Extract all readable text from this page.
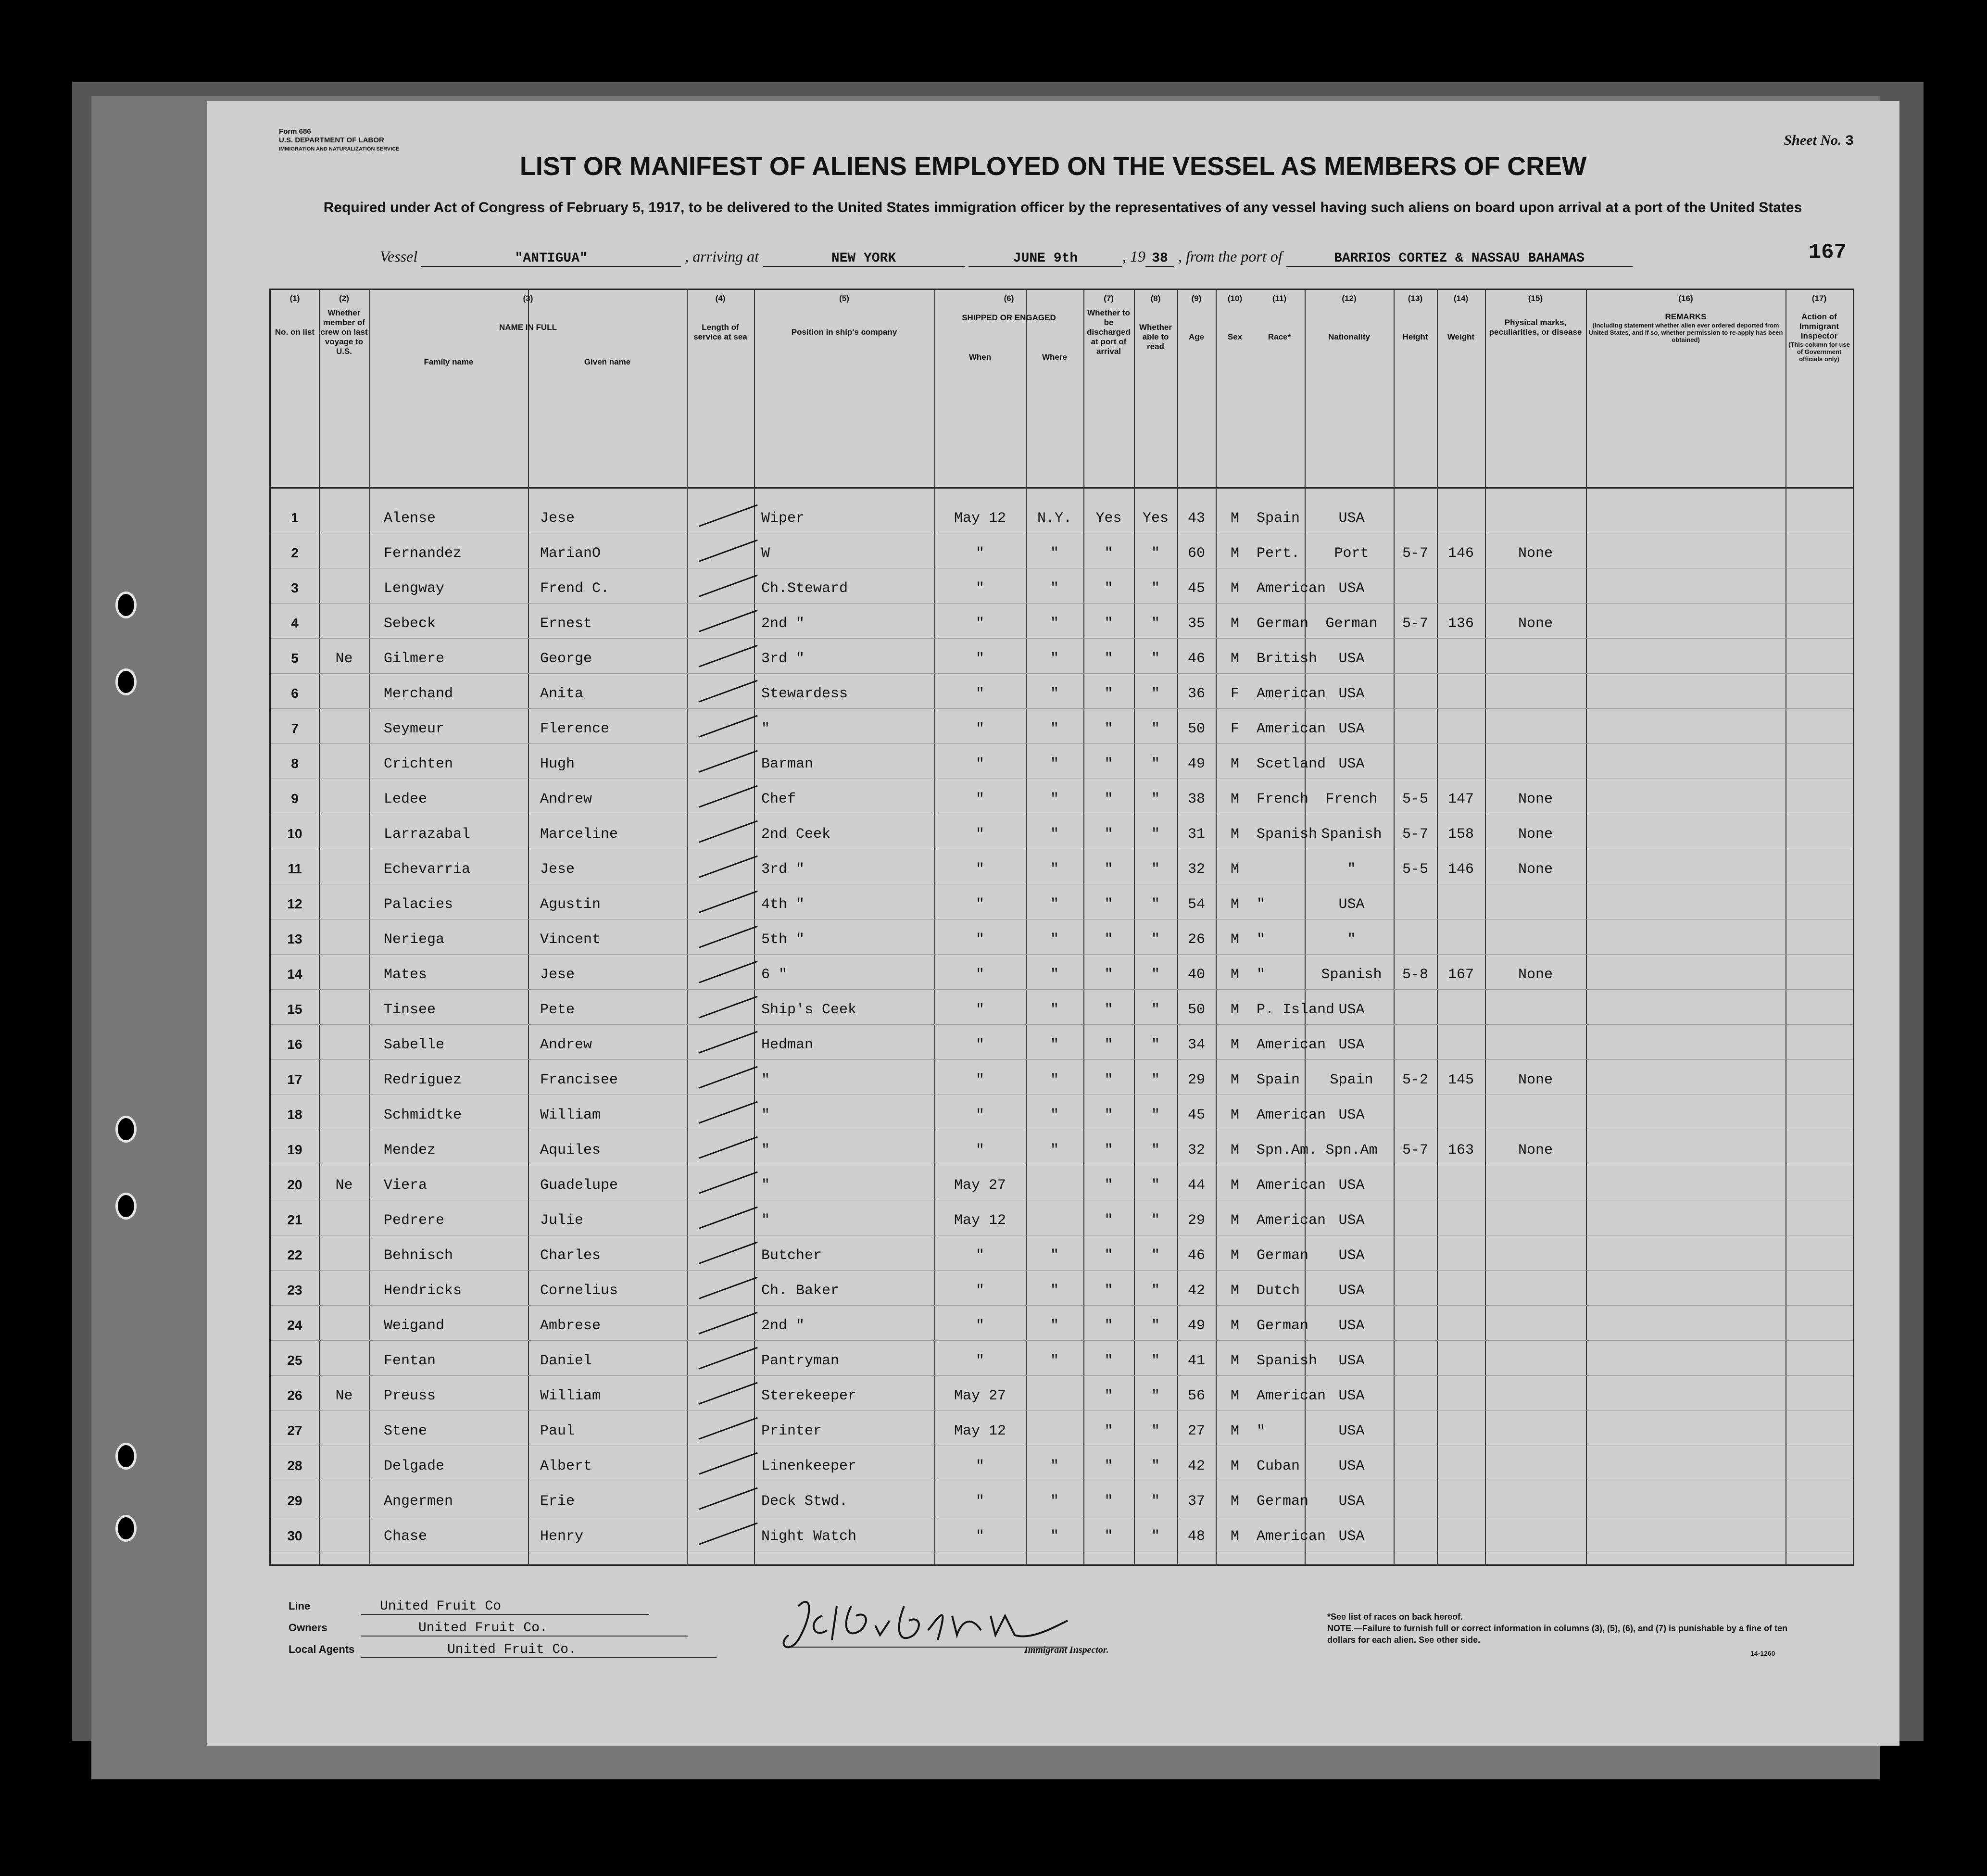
Form 686
U.S. DEPARTMENT OF LABOR
IMMIGRATION AND NATURALIZATION SERVICE
Sheet No. 3
LIST OR MANIFEST OF ALIENS EMPLOYED ON THE VESSEL AS MEMBERS OF CREW
Required under Act of Congress of February 5, 1917, to be delivered to the United States immigration officer by the representatives of any vessel having such aliens on board upon arrival at a port of the United States
Vessel	"ANTIGUA"	, arriving at	NEW YORK	JUNE 9th	, 19 38 , from the port of	BARRIOS CORTEZ & NASSAU BAHAMAS	167
(1)
No. on list
(2)
Whether member of crew on last voyage to U.S.
(3)
NAME IN FULL
Family name	Given name
(4)
Length of service at sea
(5)
Position in ship's company
(6)
SHIPPED OR ENGAGED
When	Where
(7)
Whether to be discharged at port of arrival
(8)
Whether able to read
(9)
Age
(10)
Sex
(11)
Race*
(12)
Nationality
(13)
Height
(14)
Weight
(15)
Physical marks, peculiarities, or disease
(16)
REMARKS
(Including statement whether alien ever ordered deported from United States, and if so, whether permission to re-apply has been obtained)
(17)
Action of Immigrant Inspector
(This column for use of Government officials only)
1	Alense	Jese	Wiper	May 12	N.Y.	Yes	Yes	43	M	Spain	USA
2	Fernandez	MarianO	W	"	"	"	"	60	M	Pert.	Port	5-7	146	None
3	Lengway	Frend C.	Ch.Steward	"	"	"	"	45	M	American USA
4	Sebeck	Ernest	2nd "	"	"	"	"	35	M	German	German	5-7	136	None
5	Ne	Gilmere	George	3rd "	"	"	"	"	46	M	British	USA
6	Merchand	Anita	Stewardess	"	"	"	"	36	F	American USA
7	Seymeur	Flerence	"	"	"	"	"	50	F	American USA
8	Crichten	Hugh	Barman	"	"	"	"	49	M	Scetland USA
9	Ledee	Andrew	Chef	"	"	"	"	38	M	French	French	5-5	147	None
10	Larrazabal	Marceline	2nd Ceek	"	"	"	"	31	M	Spanish Spanish	5-7	158	None
11	Echevarria	Jese	3rd "	"	"	"	"	32	M	"	5-5	146	None
12	Palacies	Agustin	4th "	"	"	"	"	54	M	"	USA
13	Neriega	Vincent	5th "	"	"	"	"	26	M	"	"
14	Mates	Jese	6 "	"	"	"	"	40	M	"	Spanish	5-8	167	None
15	Tinsee	Pete	Ship's Ceek	"	"	"	"	50	M	P. Island USA
16	Sabelle	Andrew	Hedman	"	"	"	"	34	M	American USA
17	Redriguez	Francisee	"	"	"	"	"	29	M	Spain	Spain	5-2	145	None
18	Schmidtke	William	"	"	"	"	"	45	M	American USA
19	Mendez	Aquiles	"	"	"	"	"	32	M	Spn.Am. Spn.Am	5-7	163	None
20	Ne	Viera	Guadelupe	"	May 27	"	"	44	M	American USA
21	Pedrere	Julie	"	May 12	"	"	29	M	American USA
22	Behnisch	Charles	Butcher	"	"	"	"	46	M	German	USA
23	Hendricks	Cornelius	Ch. Baker	"	"	"	"	42	M	Dutch	USA
24	Weigand	Ambrese	2nd "	"	"	"	"	49	M	German	USA
25	Fentan	Daniel	Pantryman	"	"	"	"	41	M	Spanish	USA
26	Ne	Preuss	William	Sterekeeper	May 27	"	"	56	M	American USA
27	Stene	Paul	Printer	May 12	"	"	27	M	"	USA
28	Delgade	Albert	Linenkeeper	"	"	"	"	42	M	Cuban	USA
29	Angermen	Erie	Deck Stwd.	"	"	"	"	37	M	German	USA
30	Chase	Henry	Night Watch	"	"	"	"	48	M	American USA
Line	United Fruit Co
Owners	United Fruit Co.
Local Agents	United Fruit Co.	Immigrant Inspector.
*See list of races on back hereof.
NOTE.—Failure to furnish full or correct information in columns (3), (5), (6), and (7) is punishable by a fine of ten dollars for each alien. See other side.
14-1260
